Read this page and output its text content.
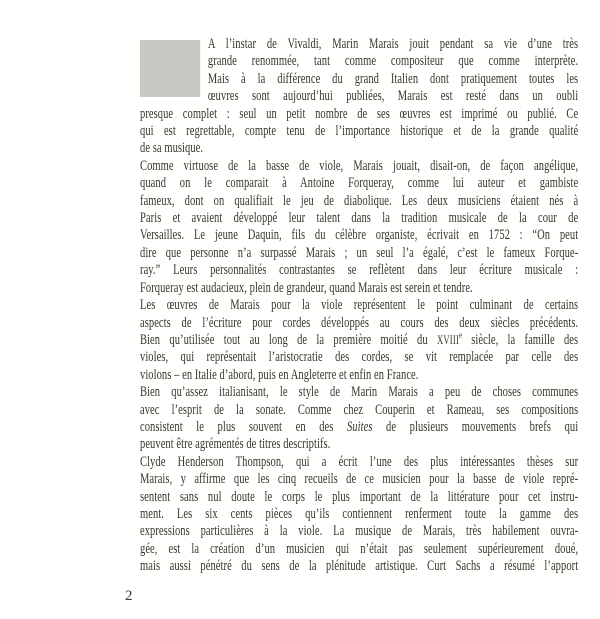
A l’instar de Vivaldi, Marin Marais jouit pendant sa vie d’une très
grande renommée, tant comme compositeur que comme interprète.
Mais à la différence du grand Italien dont pratiquement toutes les
œuvres sont aujourd’hui publiées, Marais est resté dans un oubli
presque complet : seul un petit nombre de ses œuvres est imprimé ou publié. Ce
qui est regrettable, compte tenu de l’importance historique et de la grande qualité
de sa musique.
Comme virtuose de la basse de viole, Marais jouait, disait-on, de façon angélique,
quand on le comparait à Antoine Forqueray, comme lui auteur et gambiste
fameux, dont on qualifiait le jeu de diabolique. Les deux musiciens étaient nés à
Paris et avaient développé leur talent dans la tradition musicale de la cour de
Versailles. Le jeune Daquin, fils du célèbre organiste, écrivait en 1752 : “On peut
dire que personne n’a surpassé Marais ; un seul l’a égalé, c’est le fameux Forque-
ray.” Leurs personnalités contrastantes se reflètent dans leur écriture musicale :
Forqueray est audacieux, plein de grandeur, quand Marais est serein et tendre.
Les œuvres de Marais pour la viole représentent le point culminant de certains
aspects de l’écriture pour cordes développés au cours des deux siècles précédents.
Bien qu’utilisée tout au long de la première moitié du XVIIIe siècle, la famille des
violes, qui représentait l’aristocratie des cordes, se vit remplacée par celle des
violons – en Italie d’abord, puis en Angleterre et enfin en France.
Bien qu’assez italianisant, le style de Marin Marais a peu de choses communes
avec l’esprit de la sonate. Comme chez Couperin et Rameau, ses compositions
consistent le plus souvent en des Suites de plusieurs mouvements brefs qui
peuvent être agrémentés de titres descriptifs.
Clyde Henderson Thompson, qui a écrit l’une des plus intéressantes thèses sur
Marais, y affirme que les cinq recueils de ce musicien pour la basse de viole repré-
sentent sans nul doute le corps le plus important de la littérature pour cet instru-
ment. Les six cents pièces qu’ils contiennent renferment toute la gamme des
expressions particulières à la viole. La musique de Marais, très habilement ouvra-
gée, est la création d’un musicien qui n’était pas seulement supérieurement doué,
mais aussi pénétré du sens de la plénitude artistique. Curt Sachs a résumé l’apport
2
